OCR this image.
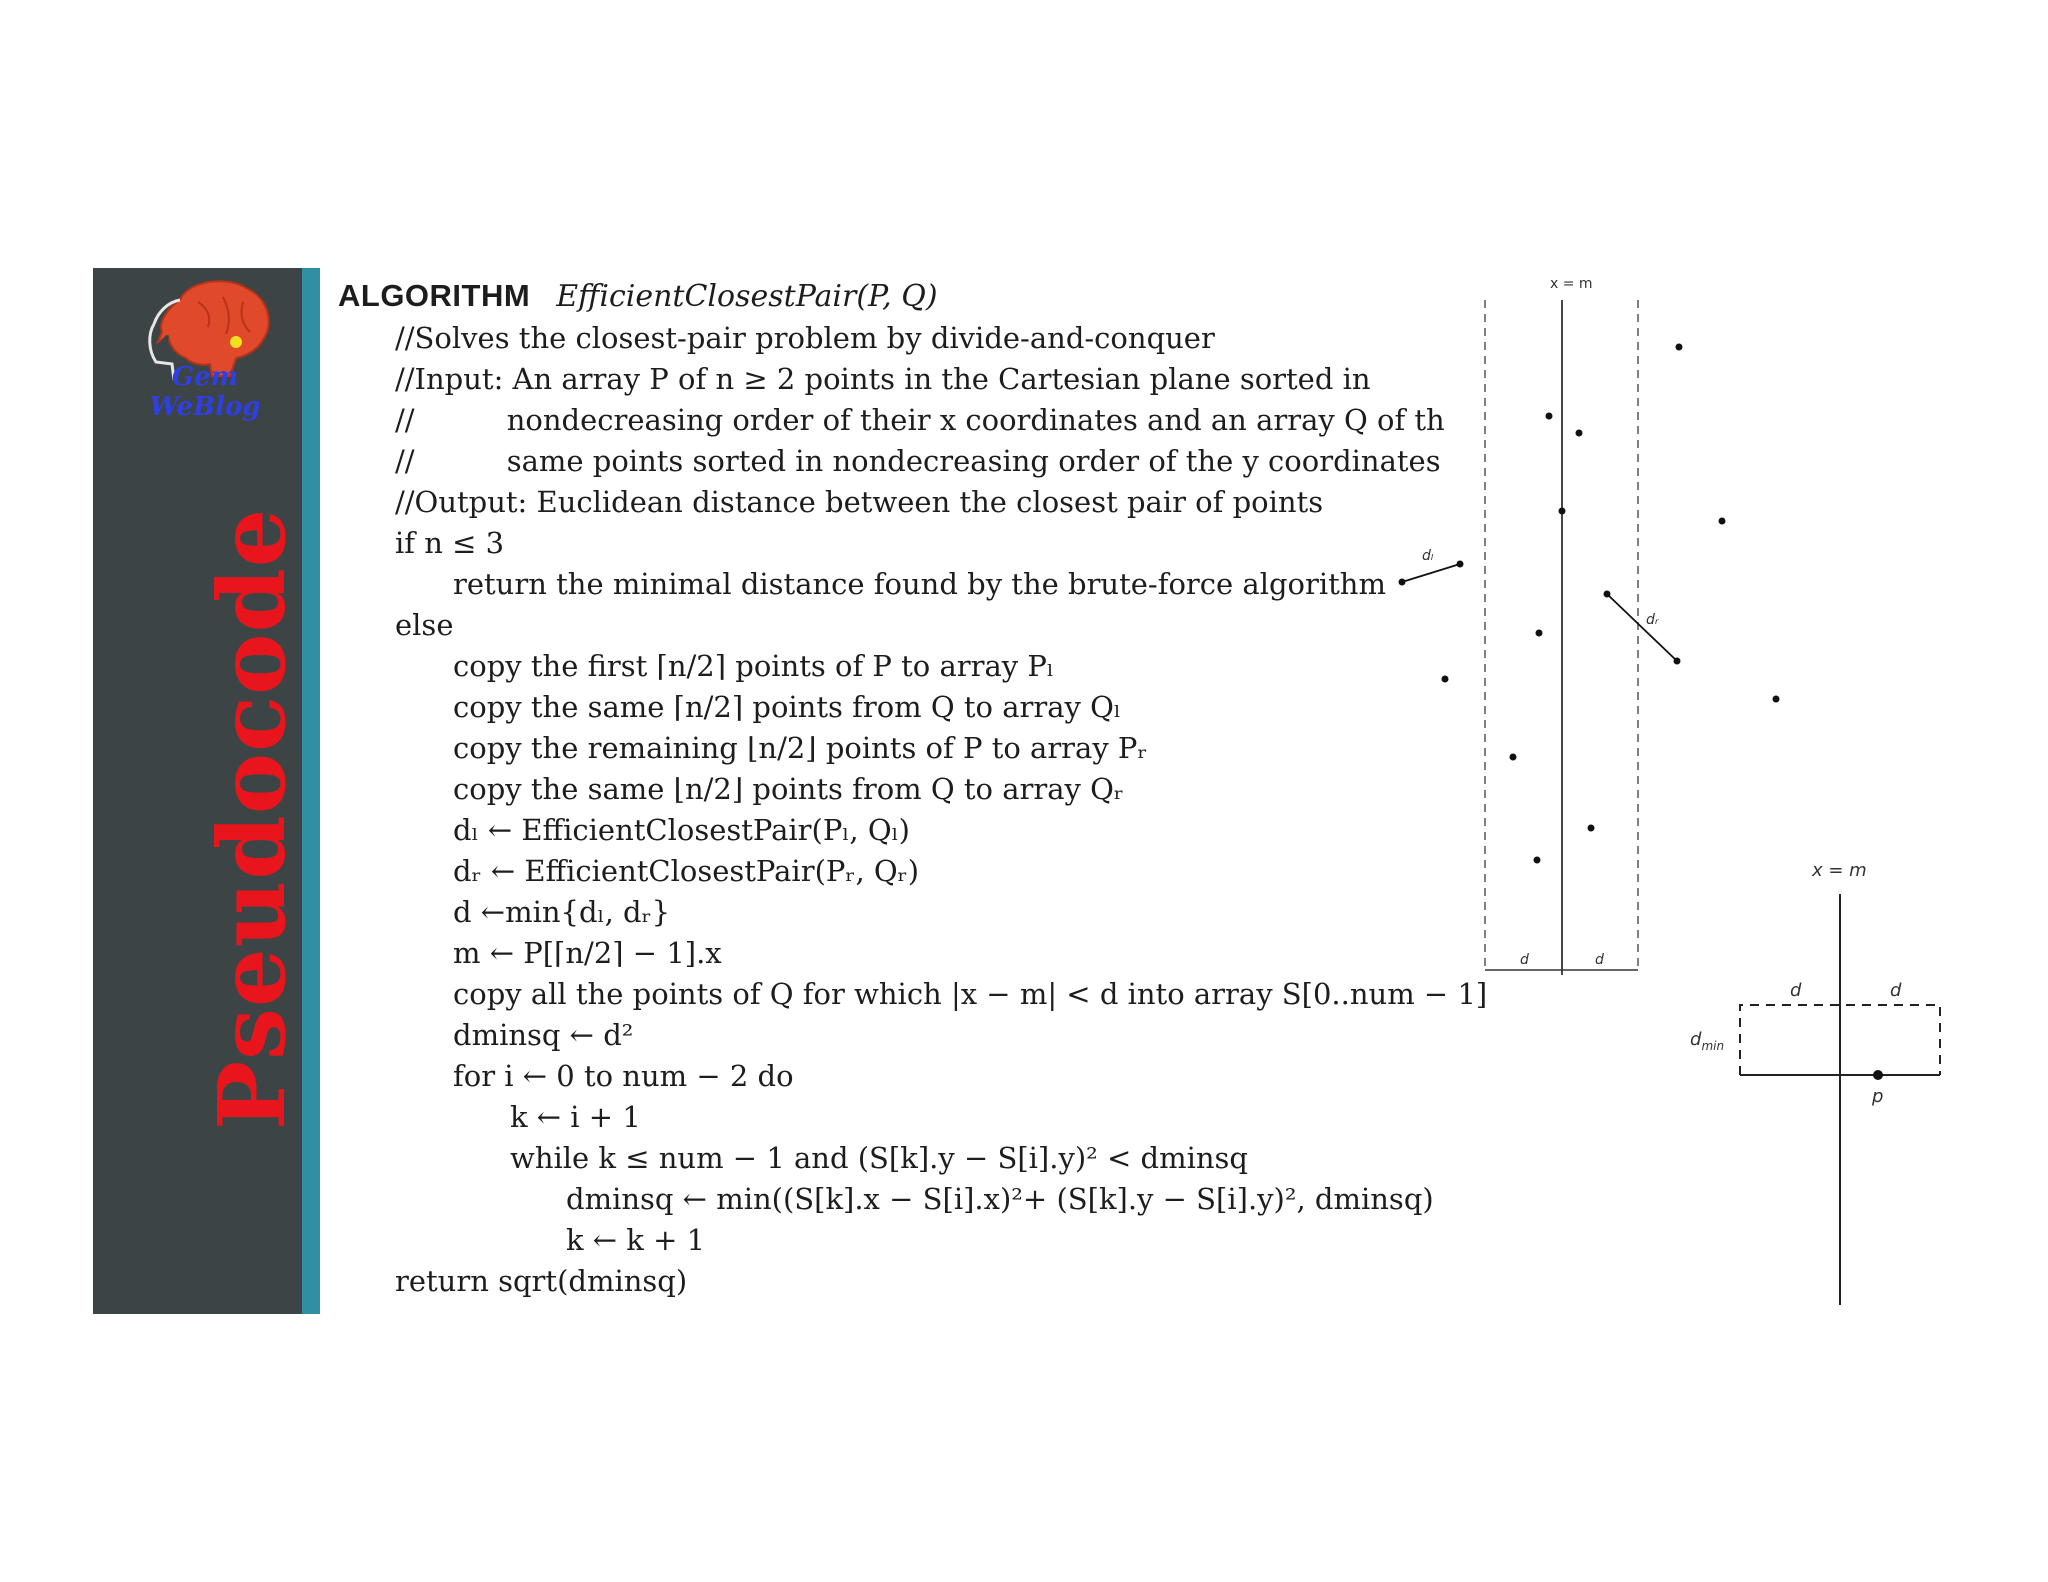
Gem WeBlog
Pseudocode
ALGORITHM EfficientClosestPair(P, Q)
//Solves the closest-pair problem by divide-and-conquer
//Input: An array P of n ≥ 2 points in the Cartesian plane sorted in
//          nondecreasing order of their x coordinates and an array Q of th
//          same points sorted in nondecreasing order of the y coordinates
//Output: Euclidean distance between the closest pair of points
if n ≤ 3
return the minimal distance found by the brute-force algorithm
else
copy the first ⌈n/2⌉ points of P to array Pₗ
copy the same ⌈n/2⌉ points from Q to array Qₗ
copy the remaining ⌊n/2⌋ points of P to array Pᵣ
copy the same ⌊n/2⌋ points from Q to array Qᵣ
dₗ ← EfficientClosestPair(Pₗ, Qₗ)
dᵣ ← EfficientClosestPair(Pᵣ, Qᵣ)
d ←min{dₗ, dᵣ}
m ← P[⌈n/2⌉ − 1].x
copy all the points of Q for which |x − m| < d into array S[0..num − 1]
dminsq ← d²
for i ← 0 to num − 2 do
k ← i + 1
while k ≤ num − 1 and (S[k].y − S[i].y)² < dminsq
dminsq ← min((S[k].x − S[i].x)²+ (S[k].y − S[i].y)², dminsq)
k ← k + 1
return sqrt(dminsq)
x = m
d	d
dₗ
dᵣ
x = m
d	d
$d_{min}$
p
